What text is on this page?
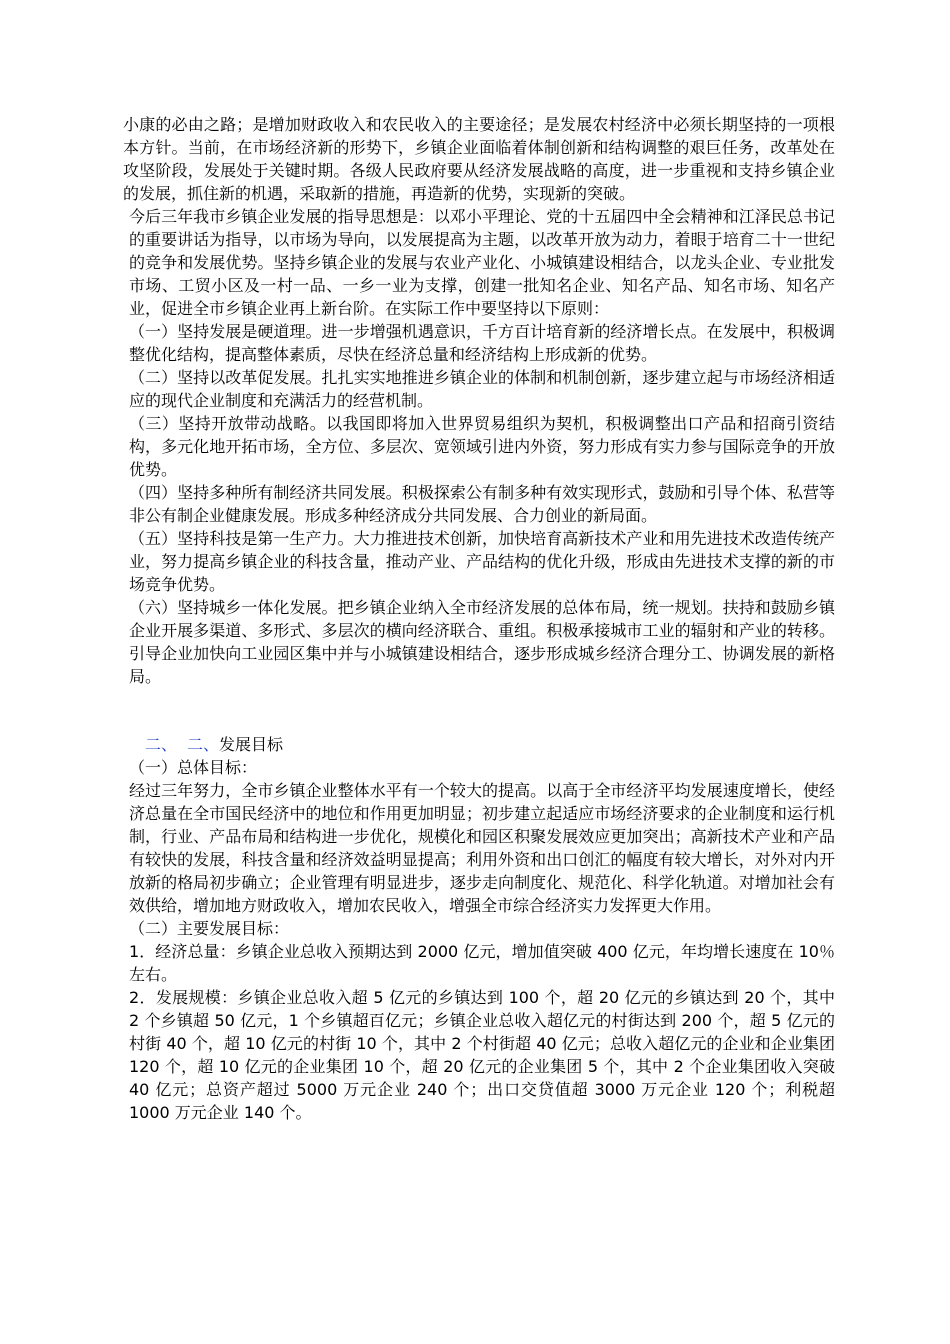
小康的必由之路；是增加财政收入和农民收入的主要途径；是发展农村经济中必须长期坚持的一项根本方针。当前，在市场经济新的形势下，乡镇企业面临着体制创新和结构调整的艰巨任务，改革处在攻坚阶段，发展处于关键时期。各级人民政府要从经济发展战略的高度，进一步重视和支持乡镇企业的发展，抓住新的机遇，采取新的措施，再造新的优势，实现新的突破。

今后三年我市乡镇企业发展的指导思想是：以邓小平理论、党的十五届四中全会精神和江泽民总书记的重要讲话为指导，以市场为导向，以发展提高为主题，以改革开放为动力，着眼于培育二十一世纪的竞争和发展优势。坚持乡镇企业的发展与农业产业化、小城镇建设相结合，以龙头企业、专业批发市场、工贸小区及一村一品、一乡一业为支撑，创建一批知名企业、知名产品、知名市场、知名产业，促进全市乡镇企业再上新台阶。在实际工作中要坚持以下原则：

（一）坚持发展是硬道理。进一步增强机遇意识，千方百计培育新的经济增长点。在发展中，积极调整优化结构，提高整体素质，尽快在经济总量和经济结构上形成新的优势。

（二）坚持以改革促发展。扎扎实实地推进乡镇企业的体制和机制创新，逐步建立起与市场经济相适应的现代企业制度和充满活力的经营机制。

（三）坚持开放带动战略。以我国即将加入世界贸易组织为契机，积极调整出口产品和招商引资结构，多元化地开拓市场，全方位、多层次、宽领域引进内外资，努力形成有实力参与国际竞争的开放优势。

（四）坚持多种所有制经济共同发展。积极探索公有制多种有效实现形式，鼓励和引导个体、私营等非公有制企业健康发展。形成多种经济成分共同发展、合力创业的新局面。

（五）坚持科技是第一生产力。大力推进技术创新，加快培育高新技术产业和用先进技术改造传统产业，努力提高乡镇企业的科技含量，推动产业、产品结构的优化升级，形成由先进技术支撑的新的市场竞争优势。

（六）坚持城乡一体化发展。把乡镇企业纳入全市经济发展的总体布局，统一规划。扶持和鼓励乡镇企业开展多渠道、多形式、多层次的横向经济联合、重组。积极承接城市工业的辐射和产业的转移。引导企业加快向工业园区集中并与小城镇建设相结合，逐步形成城乡经济合理分工、协调发展的新格局。

二、 二、发展目标

（一）总体目标：

经过三年努力，全市乡镇企业整体水平有一个较大的提高。以高于全市经济平均发展速度增长，使经济总量在全市国民经济中的地位和作用更加明显；初步建立起适应市场经济要求的企业制度和运行机制，行业、产品布局和结构进一步优化，规模化和园区积聚发展效应更加突出；高新技术产业和产品有较快的发展，科技含量和经济效益明显提高；利用外资和出口创汇的幅度有较大增长，对外对内开放新的格局初步确立；企业管理有明显进步，逐步走向制度化、规范化、科学化轨道。对增加社会有效供给，增加地方财政收入，增加农民收入，增强全市综合经济实力发挥更大作用。

（二）主要发展目标：

1．经济总量：乡镇企业总收入预期达到 2000 亿元，增加值突破 400 亿元，年均增长速度在 10％左右。

2．发展规模：乡镇企业总收入超 5 亿元的乡镇达到 100 个，超 20 亿元的乡镇达到 20 个，其中 2 个乡镇超 50 亿元，1 个乡镇超百亿元；乡镇企业总收入超亿元的村街达到 200 个，超 5 亿元的村街 40 个，超 10 亿元的村街 10 个，其中 2 个村街超 40 亿元；总收入超亿元的企业和企业集团 120 个，超 10 亿元的企业集团 10 个，超 20 亿元的企业集团 5 个，其中 2 个企业集团收入突破 40 亿元；总资产超过 5000 万元企业 240 个；出口交贷值超 3000 万元企业 120 个；利税超 1000 万元企业 140 个。
